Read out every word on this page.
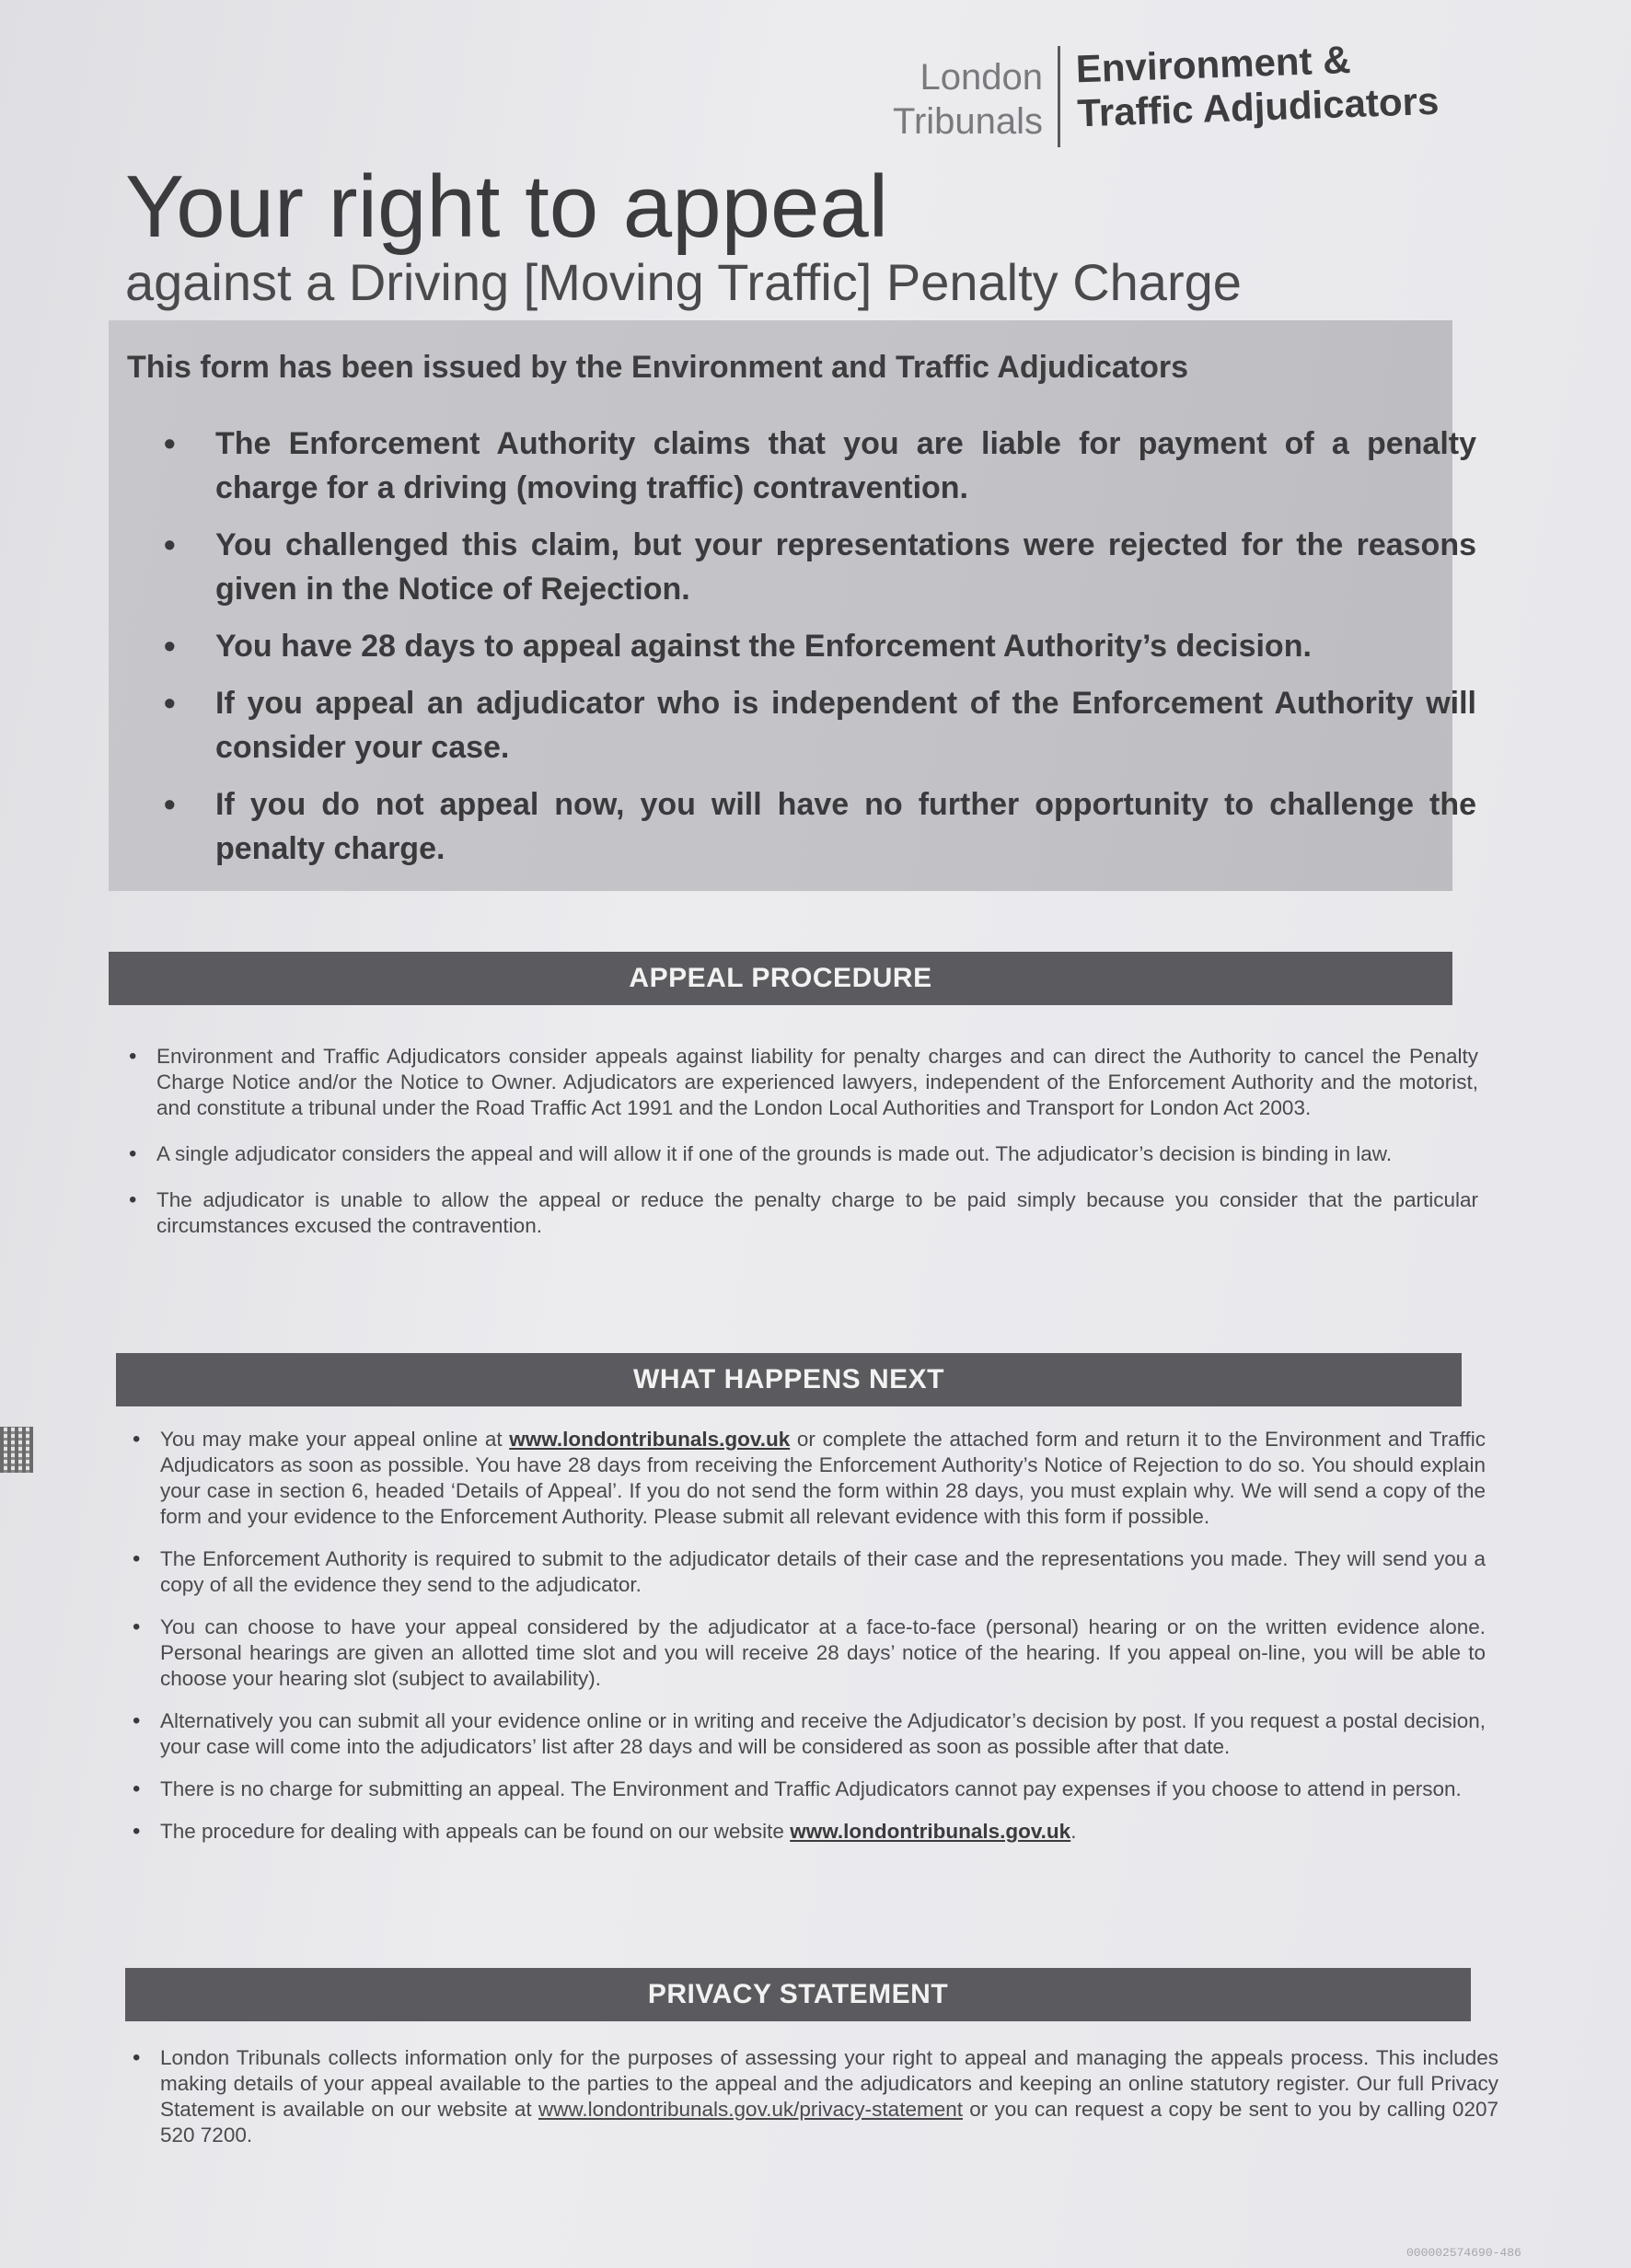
London
Tribunals
Environment &
Traffic Adjudicators
Your right to appeal
against a Driving [Moving Traffic] Penalty Charge
This form has been issued by the Environment and Traffic Adjudicators
• The Enforcement Authority claims that you are liable for payment of a penalty charge for a driving (moving traffic) contravention.
• You challenged this claim, but your representations were rejected for the reasons given in the Notice of Rejection.
• You have 28 days to appeal against the Enforcement Authority’s decision.
• If you appeal an adjudicator who is independent of the Enforcement Authority will consider your case.
• If you do not appeal now, you will have no further opportunity to challenge the penalty charge.
APPEAL PROCEDURE
• Environment and Traffic Adjudicators consider appeals against liability for penalty charges and can direct the Authority to cancel the Penalty Charge Notice and/or the Notice to Owner. Adjudicators are experienced lawyers, independent of the Enforcement Authority and the motorist, and constitute a tribunal under the Road Traffic Act 1991 and the London Local Authorities and Transport for London Act 2003.
• A single adjudicator considers the appeal and will allow it if one of the grounds is made out. The adjudicator’s decision is binding in law.
• The adjudicator is unable to allow the appeal or reduce the penalty charge to be paid simply because you consider that the particular circumstances excused the contravention.
WHAT HAPPENS NEXT
• You may make your appeal online at www.londontribunals.gov.uk or complete the attached form and return it to the Environment and Traffic Adjudicators as soon as possible. You have 28 days from receiving the Enforcement Authority’s Notice of Rejection to do so. You should explain your case in section 6, headed ‘Details of Appeal’. If you do not send the form within 28 days, you must explain why. We will send a copy of the form and your evidence to the Enforcement Authority. Please submit all relevant evidence with this form if possible.
• The Enforcement Authority is required to submit to the adjudicator details of their case and the representations you made. They will send you a copy of all the evidence they send to the adjudicator.
• You can choose to have your appeal considered by the adjudicator at a face-to-face (personal) hearing or on the written evidence alone. Personal hearings are given an allotted time slot and you will receive 28 days’ notice of the hearing. If you appeal on-line, you will be able to choose your hearing slot (subject to availability).
• Alternatively you can submit all your evidence online or in writing and receive the Adjudicator’s decision by post. If you request a postal decision, your case will come into the adjudicators’ list after 28 days and will be considered as soon as possible after that date.
• There is no charge for submitting an appeal. The Environment and Traffic Adjudicators cannot pay expenses if you choose to attend in person.
• The procedure for dealing with appeals can be found on our website www.londontribunals.gov.uk.
PRIVACY STATEMENT
• London Tribunals collects information only for the purposes of assessing your right to appeal and managing the appeals process. This includes making details of your appeal available to the parties to the appeal and the adjudicators and keeping an online statutory register. Our full Privacy Statement is available on our website at www.londontribunals.gov.uk/privacy-statement or you can request a copy be sent to you by calling 0207 520 7200.
000002574690-486
